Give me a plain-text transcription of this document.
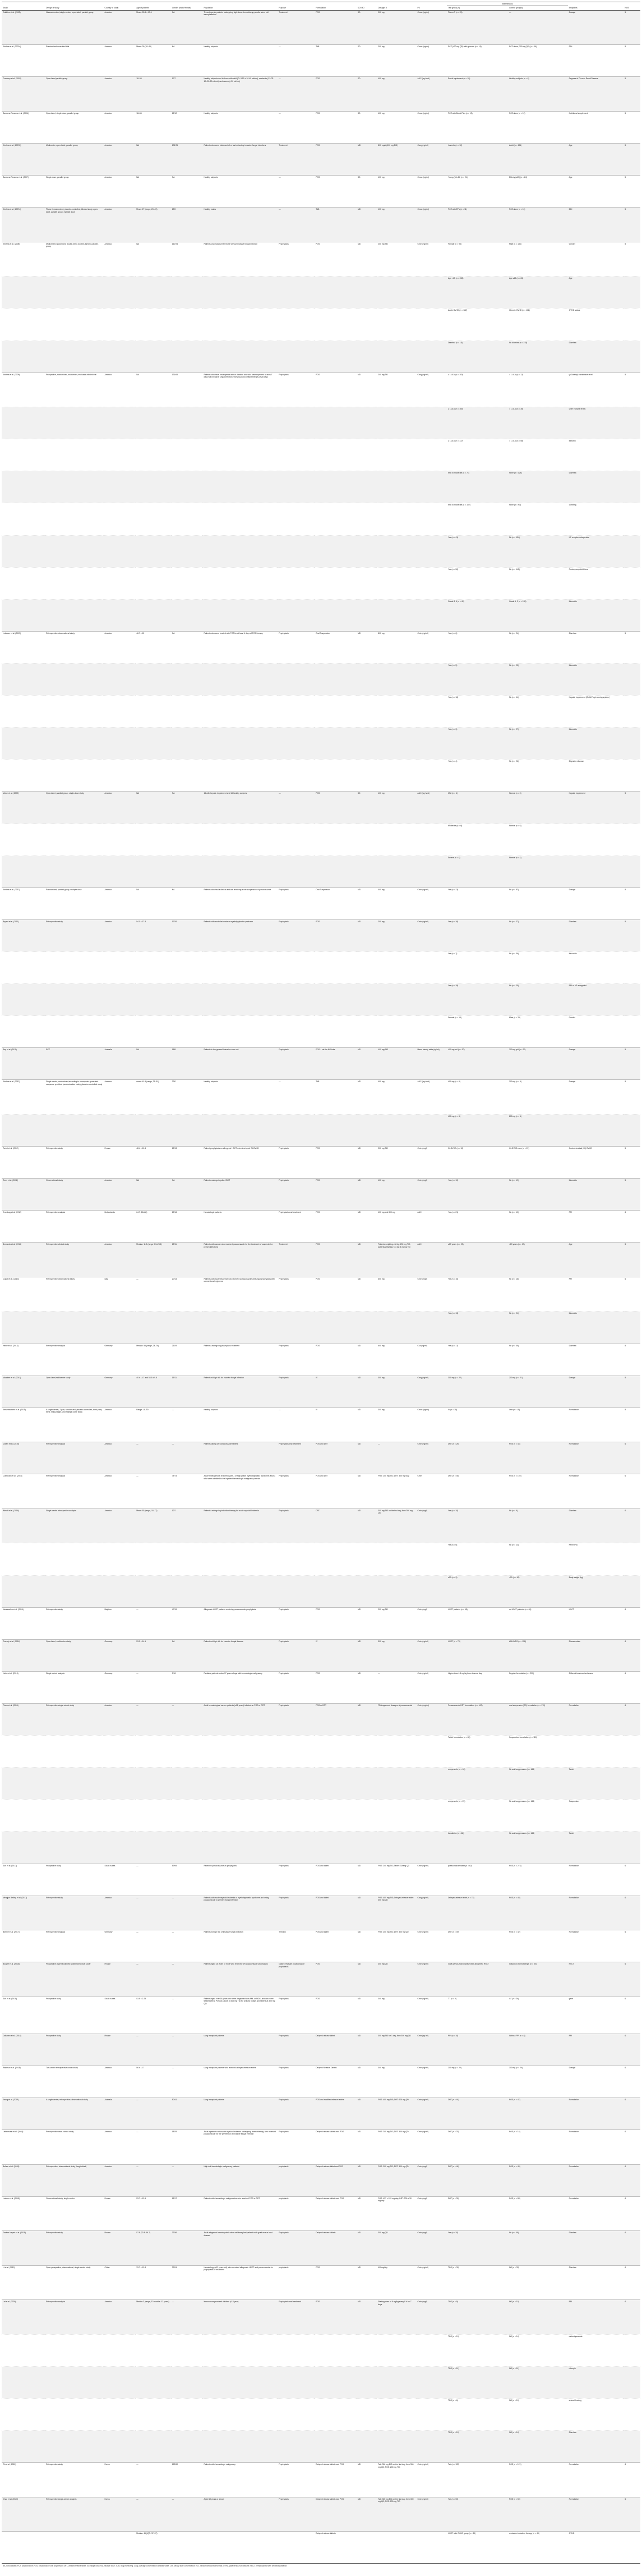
											Interventions			
Study	Design of study	Country of study	Age of patients	Gender (male/ female)	Population	Purpose	Formulation	SD/ MD	Dosage/ d	PK	Test group (n)	Control group(n)	Endpoints	NOS
Gubbins et al. (2002)	Nonrandomized,single-center, open-label, parallel group	America	Mean: 53.3 ± 13.6	NA	Thrombopenic patients undergoing high-dose chemotherapy and/or stem cell transplantation	Treatment	POS	SD	200 mg	Cmax (ug/ml)	Pts on P (n = 25)	—	Dosage	5
Krishna et al. (2007a)	Randomized controlled trial	America	Mean: 30 (18–45)	NA	Healthy subjects	—	TAB	SD	200 mg	Cmax (ng/ml)	PCZ (400 mg QD) with glucose (n = 16)	PCZ alone (200 mg QD) (n = 16)	DDI	5
Courtney et al. (2003)	Open-label parallel group	America	18–55	17/7	Healthy subjects and in those with mild (CL 9.50 ± 10.40 ml/min), moderate (CLCR 10–20–50 ml/min) and severe (<20 ml/min)	—	POS	SD	400 mg	AUC (ng·h/ml)	Renal impairment (n = 18)	Healthy subjects (n = 6)	Degrees of Chronic Renal Disease	5
Sansone-Parsons et al. (2006)	Open-label, single-dose, parallel group	America	18–55	12/12	Healthy subjects	—	POS	SD	400 mg	Cmax (ng/ml)	PCZ with Boost Plus (n = 12)	PCZ alone (n = 12)	Nutritional supplement	5
Krishna et al. (2007b)	Multicenter, open-label, parallel group	America	NA	106/76	Patients who were intolerant of or had refractory invasive fungal infections	Treatment	POS	MD	800 mg/d (400 mg BID)	Cavg (ng/ml)	Juvenile (n = 12)	Adult (n = 194)	Age	5
Sansone-Parsons et al. (2007)	Single-dose, parallel group	America	NA	NA	Healthy subjects	—	POS	SD	400 mg	Cmax (ng/ml)	Young (18–45) (n = 24)	Elderly (≥65) (n = 24)	Age	5
Krishna et al. (2007c)	Phase I, randomized, placebo-controlled, blinded study, open-label, parallel group, multiple dose	America	Mean: 27 (range, 20–49)	28/0	Healthy males	—	TAB	MD	400 mg	Cmax (ng/ml)	PCZ with EFV (n = 11)	PCZ alone (n = 11)	DDI	5
Krishna et al. (2008)	Multicenter,randomized, double-blind, double-dummy, parallel-group	America	NA	160/74	Patients prophylaxis than those without invasive fungal infection	Prophylaxis	POS	MD	200 mg TID	Cmin (ng/ml)	Female (n = 98)	Male (n = 136)	Gender	5
											Age <65 (n = 208)	Age ≥65 (n = 26)	Age	
											Acute GVHD (n = 122)	Chronic GVHD (n = 112)	GVHD status	
											Diarrhea (n = 19)	No diarrhea (n = 215)	Diarrhea	
Krishna et al. (2009)	Prospective, randomized, multicenter, evaluator-blinded trial	America	NA	131/64	Patients who have neutropenia with or duration and who were expected to last ≥7 days with invasive fungal infection receiving Concomitant therapy of ≥8 days	Prophylaxis	POS	MD	200 mg TID	Cavg (ng/ml)	≤ 1 ULN (n = 183)	> 1 ULN (n = 12)	γ-Glutamyl transferase level	5
											≤ 1 ULN (n = 160)	> 1 ULN (n = 35)	Liver enzyme levels	
											≤ 1 ULN (n = 137)	> 1 ULN (n = 58)	Bilirubin	
											Mild to moderate (n = 71)	None (n = 124)	Diarrhea	
											Mild to moderate (n = 102)	None (n = 93)	Vomiting	
											Yes (n = 41)	No (n = 154)	H2 receptor antagonists	
											Yes (n = 50)	No (n = 145)	Proton pump inhibitors	
											Grade 3, 4 (n = 40)	Grade 1, 2 (n = 155)	Mucositis	
Lebeaux et al. (2009)	Retrospective observational study	America	46.7 ± 15	NA	Patients who were treated with PCZ for at least 4 days of PCZ therapy	Prophylaxis	Oral Suspension	MD	800 mg	Cmin (ng/ml)	Yes (n = 6)	No (n = 24)	Diarrhea	5
											Yes (n = 5)	No (n = 25)	Mucositis	
											Yes (n = 16)	No (n = 14)	Hepatic impairment (Child-Pugh scoring system)	
											Yes (n = 3)	No (n = 27)	Mucositis	
											Yes (n = 4)	No (n = 26)	Digestive disease	
Moton et al. (2009)	Open-label, parallel-group, single-dose study	America	NA	NA	16 with hepatic impairment and 16 healthy subjects	—	POS	SD	400 mg	AUC (ng·h/ml)	Mild (n = 6)	Normal (n = 6)	Hepatic impairment	5
											Moderate (n = 6)	Normal (n = 6)		
											Severe (n = 4)	Normal (n = 4)		
Krishna et al. (2012)	Randomized, parallel group, multiple dose	America	NA	NA	Patients who had a clinical and are receiving acute suspension of posaconazole	Prophylaxis	Oral Suspension	MD	400 mg	Cmin (ng/ml)	Yes (n = 23)	No (n = 82)	Dosage	5
Bryant et al. (2011)	Retrospective study	America	54.1 ± 17.8	17/26	Patients with acute leukemia or myelodysplastic syndrome	Prophylaxis	POS	MD	200 mg	Cmin (ng/ml)	Yes (n = 16)	No (n = 27)	Diarrhea	5
											Yes (n = 7)	No (n = 36)	Mucositis	
											Yes (n = 18)	No (n = 25)	PPI or H2 antagonist	
											Female (n = 18)	Male (n = 25)	Gender	
Ray et al. (2011)	RCT	Australia	NA	18/8	Patients in the general intensive care unit	Prophylaxis	POS – via the NG tube	MD	400 mg BID	Mean steady state (ng/ml)	400 mg bid (n = 20)	200 mg qid (n = 20)	Dosage	5
Krishna et al. (2012)	Single-center, randomized,according to a computer-generated sequence provided (randomization code), placebo-controlled study	America	mean: 41.9 (range, 21–51)	23/0	Healthy subjects	—	TAB	MD	400 mg	AUC (ng·h/ml)	400 mg (n = 6)	200 mg (n = 6)	Dosage	5
											400 mg (n = 6)	800 mg (n = 6)		
Tonini et al. (2012)	Retrospective study	France	48.4 ± 10.4	18/13	Patient prophylaxis on allergenic HSCT who developed GI-GVHD	Prophylaxis	POS	MD	200 mg TID	Cmin (mg/l)	GI-GVHD (n = 10)	GI-GVHD none (n = 21)	Gastrointestinal (GI) GVHD	5
Rees et al. (2012)	Observational study	America	NA	NA	Patients undergoing allo-HSCT	Prophylaxis	POS	MD	400 mg	Cmin (mg/l)	Yes (n = 10)	No (n = 19)	Mucositis	5
Crombag et al. (2012)	Retrospective analysis	Netherlands	64.7 (18–82)	15/16	Hematologic patients	Prophylaxis and treatment	POS	MD	400 mg and 800 mg	AUC	Yes (n = 21)	No (n = 10)	PPI	6
Bernardo et al. (2013)	Retrospective clinical study	America	Median: 11.5 (range 0.3–23.5)	18/11	Patients with cancer who received posaconazole for the treatment of suspected or proven infections	Treatment	POS	MD	Patients weighing ≥34 kg: 200 mg TID; patients weighing <34 kg: 4 mg/kg TID	AUC	≤13 years (n = 23)	>13 years (n = 17)	Age	5
Cojutti et al. (2013)	Retrospective observational study	Italy	—	20/14	Patients with acute leukemia who received posaconazole antifungal prophylaxis with conventional regimens	Prophylaxis	POS	MD	600 mg	Cmin (mg/l)	Yes (n = 16)	No (n = 18)	PPI	6
											Yes (n = 13)	No (n = 21)	Mucositis	
Heinz et al. (2013)	Retrospective analysis	Germany	Median: 55 (range, 24–78)	26/29	Patients undergoing prophylaxis treatment	Prophylaxis	POS	MD	600 mg	Css (ng/ml)	Yes (n = 17)	No (n = 38)	Diarrhea	5
Mauriere et al. (2013)	Open-label,multicentre study	Germany	40 ± 14.7 and 54.5 ± 9.8	15/11	Patients at high risk for invasive fungal infection	Prophylaxis	IV	MD	300 mg	Cavg (ng/ml)	300 mg (n = 20)	200 mg (n = 21)	Dosage	5
Kersemaekers et al. (2015)	A single-center, 2-part, randomized, placebo-controlled, third-party blind, rising single- and multiple-dose study	America	Range: 18–50	—	Healthy subjects	—	IV	MD	300 mg	Cmax (ng/ml)	IV (n = 18)	Oral (n = 18)	Formulation	5
Durani et al. (2015)	Retrospective analysis	America	—	—	Patients taking DR posaconazole tablets	Prophylaxis and treatment	POS and DRT	MD	—	Cmin (ng/ml)	DRT (n = 26)	POS (n = 44)	Formulation	6
Cumpston et al. (2015)	Retrospective analysis	America	—	74/74	Acute myelogenous leukemia (AML) or high-grade myelodysplastic syndrome (MDS) who were admitted to the inpatient hematologic malignancy service	Prophylaxis	POS and DRT	MD	POS: 200 mg TID; DRT: 300 mg/ day	Cmin	DRT (n = 46)	POS (n = 102)	Formulation	6
Wendt et al. (2016)	Single-centre retrospective analysis	America	Mean: 53 (range, 18–77)	12/7	Patients undergoing induction therapy for acute myeloid leukemia	Prophylaxis	DRT	MD	300 mg BID on the first day, then 300 mg QD	Cmin (mg/l)	Yes (n = 10)	No (n = 9)	Diarrhea	6
											Yes (n = 6)	No (n = 13)	PPI/H2RA	
											≥90 (n = 9)	<90 (n = 10)	Body weight (kg)	
Vanstraelen et al. (2016)	Retrospective study	Belgium	—	47/19	Allogeneic HSCT patients receiving posaconazole prophylaxis	Prophylaxis	POS	MD	200 mg TID	Cmin (mg/l)	HSCT patients (n = 48)	no HSCT patients (n = 48)	HSCT	6
Cornely et al. (2016)	Open-label, multicenter study	Germany	53.9 ± 14.1	NA	Patients at high risk for invasive fungal disease	Prophylaxis	IV	MD	300 mg	Cmin (ng/ml)	HSCT (n = 79)	AML/MDS (n = 158)	Disease state	6
Heinz et al. (2016)	Single cohort analysis	Germany	—	9/18	Pediatric patients under 17 years of age with hematologic malignancy	Prophylaxis	POS	MD	—	Cmin (ng/ml)	Higher than 4.5 mg/kg three times a day	Regular formulation (n = 222)	Different treatment schemes	6
Pham et al. (2016)	Retrospective single cohort study	America	—	—	Adult hematological cancer patients (≥18 years) initiated on POS or DRT	Prophylaxis	POS or DRT	MD	FDA approved dosages of posaconazole	Cmin (mg/ml)	Posaconazole DRT formulation (n = 100)	oral suspension (OS) formulation (n = 170)	Formulation	6
											Tablet formulation (n = 65)	Suspension formulation (n = 115)		
											omeprazole (n = 18)	No acid suppression (n = 168)	Tablet	
											omeprazole (n = 29)	No acid suppression (n = 168)	Suspension	
											famotidine (n = 68)	No acid suppression (n = 168)	Tablet	
Suh et al. (2017)	Prospective study	South Korea	—	53/95	Received posaconazole as prophylaxis	Prophylaxis	POS and tablet	MD	POS: 200 mg TID; Tablet: 300mg QD	Cmin (ng/ml)	posaconazole tablet (n = 62)	POS (n = 274)	Formulation	6
Mengjun Belling et al. (2017)	Retrospective study	America	—	—	Patients with acute myeloid leukemia or myelodysplastic syndrome and using posaconazole to prevent fungal infection	Prophylaxis	POS and tablet	MD	POS: 400 mg BID; Delayed-release tablet: 300 mg QD	Cavg (ng/ml)	Delayed-release tablet (n = 72)	POS (n = 48)	Formulation	6
Böhme et al. (2017)	Retrospective analysis	Germany	—	—	Patients at high risk of invasive fungal infection	Therapy	POS and tablet	MD	POS: 200 mg TID; DRT: 300 mg QD	Cmin (ng/ml)	DRT (n = 49)	POS (n = 42)	Formulation	6
Bougré et al. (2018)	Prospective pharmacokinetic systemic/medical study	France	—	—	Patients aged 16 years or more who received GR posaconazole prophylaxis	Gastro resistant posaconazole prophylaxis	POS	MD	300 mg QD	Cmin (ng/ml)	Graft-versus-host disease after allogeneic HSCT	Induction chemotherapy (n = 50)	HSCT	6
Suh et al. (2018)	Prospective study	South Korea	53.5 ± 2.23	—	Patients aged over 18 years who were diagnosed with AML or MDS, and who were treated with a POS at a dose of 200 mg TID for at least 5 days and tablets at 300 mg QD	Prophylaxis	POS	MD	300 mg	Cmin (ng/ml)	TT (n = 9)	GT (n = 26)	gene	6
Cattaneo et al. (2018)	Prospective study	France	—	—	Lung transplant patients	Prophylaxis	Delayed-release tablet	MD	300 mg BID for 1 day, then 300 mg QD	Cmin(ng/ ml)	PPI (n = 10)	Without PPI (n = 8)	PPI	6
Ratnesh et al. (2018)	Two-center retrospective cohort study	America	56 ± 12.7	—	Lung transplant patients who received delayed-release tablets	Prophylaxis	Delayed Release Tablets	MD	300 mg	Cmin (ng/ml)	200 mg (n = 26)	300 mg (n = 26)	Dosage	6
Jeong et al. (2018)	A single-center, retrospective, observational study	Australia	—	50/41	Lung transplant patients	Prophylaxis	POS and modified release tablets	MD	POS: 400 mg BID; DRT: 300 mg QD	Cmin (ng/ml)	DRT (n = 44)	POS (n = 47)	Formulation	6
Liebenstein et al. (2018)	Retrospective case-control study	America	—	18/29	Adult inpatients with acute myeloid leukemia undergoing chemotherapy, who received posaconazole for the prevention of invasive fungal infection	Prophylaxis	Delayed release tablets and POS	MD	POS: 200 mg TID; DRT: 300 mg QD	Cmin (ng/ml)	DRT (n = 33)	POS (n = 14)	Formulation	6
Belizer et al. (2018)	Retrospective, observational study (longitudinal)	America	—	—	High risk hematologic malignancy patients	prophylaxis	Delayed-release tablet and POS	MD	POS: 200 mg TID; DRT: 300 mg QD	Cmin (mg/l)	DRT (n = 46)	POS (n = 45)	Formulation	6
Leclerc et al. (2018)	Observational study, single center	France	53.7 ± 13.5	18/17	Patients with hematologic malignancies who received POS or DRT	prophylaxis	Delayed release tablets and POS	MD	POS: 427 ± 153 mg/day; DRT: 300 ± 30 mg/day	Cmin (mg/l)	DRT (n = 30)	POS (n = 88)	Formulation	6
Gautier-Veyret et al. (2019)	Retrospective study	France	57.8 (22.8–66.7)	33/36	Adult allogeneic hematopoietic stem cell transplant patients with graft-versus-host disease	Prophylaxis	Delayed release tablets	MD	300 mg QD	Cmin (mg/l)	Yes (n = 20)	No (n = 49)	Diarrhea	6
Li et al. (2019)	Open-prospective, observational, single-center study	China	33.7 ± 13.8	39/24	Hematology (≥13 years old), who received allogeneic HSCT and posaconazole for prophylaxis or treatment	prophylaxis	POS	MD	400mg/day	Cmin (ng/ml)	TEG (n = 30)	NG (n = 33)	Diarrhea	6
Lai et al. (2020)	Retrospective analysis	America	Median 3 (range, 13 months–12 years)	—	Immunocompromised children (<13 year)	Prophylaxis and treatment	POS	MD	Starting dose of 6 mg/kg every 8 h for 7 days	Cmin (mg/l)	TEG (n = 9)	NG (n = 10)	PPI	6
											TEG (n = 10)	NG (n = 14)	metoclopramide	
											TEG (n = 11)	NG (n = 11)	rifampin	
											TEG (n = 6)	NG (n = 10)	enteral feeding	
											TEG (n = 10)	NG (n = 14)	Diarrhea	
Oh et al. (2020)	Retrospective study	Korea	—	153/90	Patients with hematologic malignancy	Prophylaxis	Delayed release tablets and POS	MD	Tab: 300 mg BID on the first day, then 300 mg QD; POS: 200 mg TID	Cmin (ng/ml)	Tab (n = 122)	POS (n = 121)	Formulation	6
Chae et al. (2020)	Retrospective single-center analysis	Korea	—	—	Aged 19 years or above	Prophylaxis	Delayed release tablets and POS	MD	Tab: 300 mg BID on the first day, then 300 mg QD; POS: 200 mg TID	Cmin (ng/ml)	Tab (n = 50)	POS (n = 50)	Formulation	6
			Median: 46 (IQR: 37–57)				Delayed-release tablets				HSCT with GVHD group (n = 39)	remission induction therapy (n = 45)	GVHD	
NA, not available; PCZ, posaconazole; POS, posaconazole oral suspension; DRT, Delayed release tablet; SD, single dose; MD, multiple dose; TDM, drug monitoring; Cavg, average concentration at steady state; Css, steady state concentration; RCT, randomized controlled trials; GVHD, graft versus host disease; HSCT, hematopoietic stem cell transplantation.
